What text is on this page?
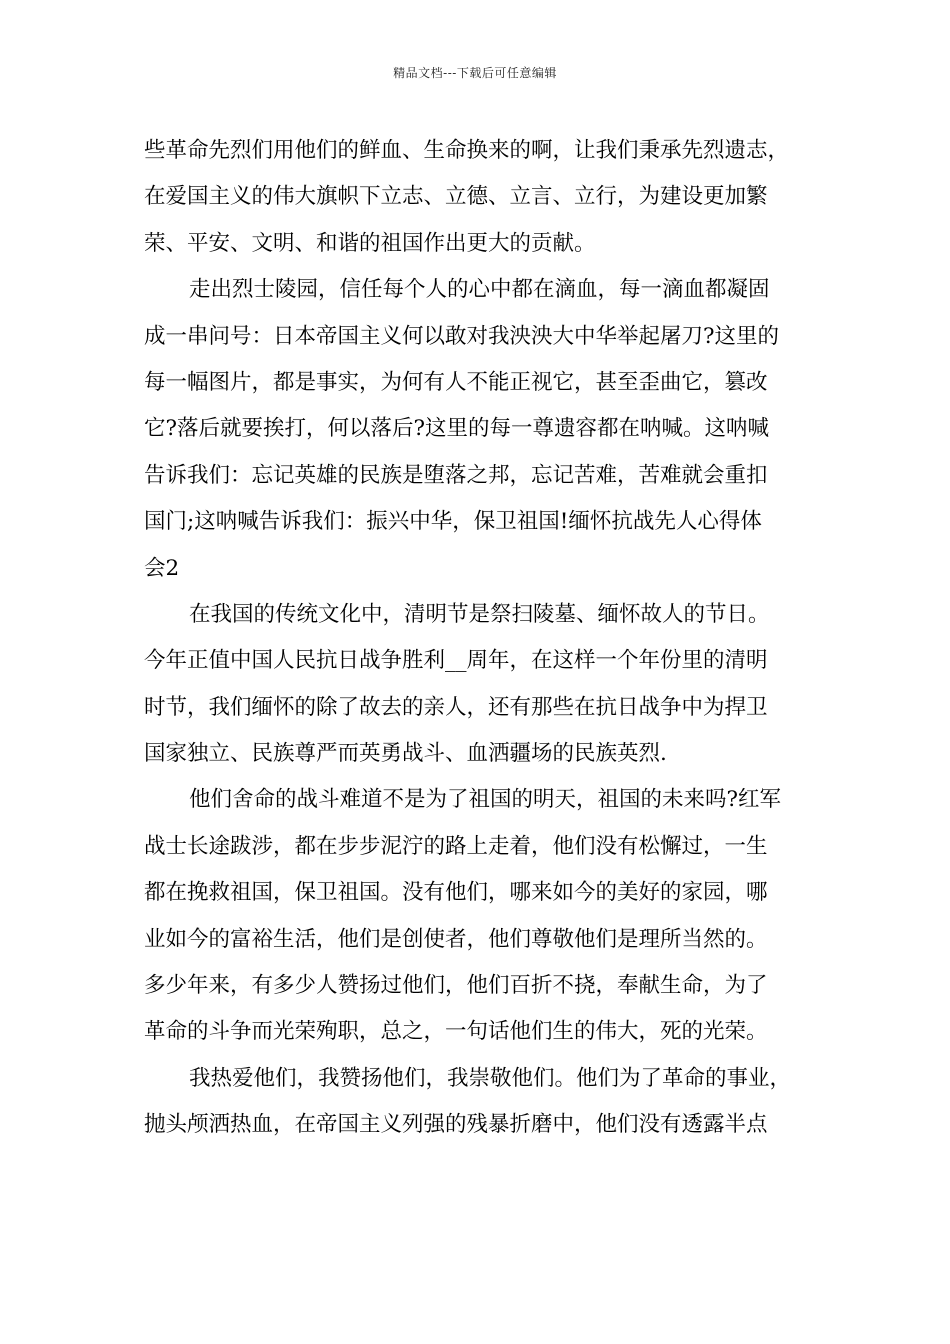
精品文档---下载后可任意编辑
些革命先烈们用他们的鲜血、生命换来的啊，让我们秉承先烈遗志，
在爱国主义的伟大旗帜下立志、立德、立言、立行，为建设更加繁
荣、平安、文明、和谐的祖国作出更大的贡献。
走出烈士陵园，信任每个人的心中都在滴血，每一滴血都凝固
成一串问号：日本帝国主义何以敢对我泱泱大中华举起屠刀?这里的
每一幅图片，都是事实，为何有人不能正视它，甚至歪曲它，篡改
它?落后就要挨打，何以落后?这里的每一尊遗容都在呐喊。这呐喊
告诉我们：忘记英雄的民族是堕落之邦，忘记苦难，苦难就会重扣
国门;这呐喊告诉我们：振兴中华，保卫祖国!缅怀抗战先人心得体
会2
在我国的传统文化中，清明节是祭扫陵墓、缅怀故人的节日。
今年正值中国人民抗日战争胜利__周年，在这样一个年份里的清明
时节，我们缅怀的除了故去的亲人，还有那些在抗日战争中为捍卫
国家独立、民族尊严而英勇战斗、血洒疆场的民族英烈.
他们舍命的战斗难道不是为了祖国的明天，祖国的未来吗?红军
战士长途跋涉，都在步步泥泞的路上走着，他们没有松懈过，一生
都在挽救祖国，保卫祖国。没有他们，哪来如今的美好的家园，哪
业如今的富裕生活，他们是创使者，他们尊敬他们是理所当然的。
多少年来，有多少人赞扬过他们，他们百折不挠，奉献生命，为了
革命的斗争而光荣殉职，总之，一句话他们生的伟大，死的光荣。
我热爱他们，我赞扬他们，我崇敬他们。他们为了革命的事业，
抛头颅洒热血，在帝国主义列强的残暴折磨中，他们没有透露半点
